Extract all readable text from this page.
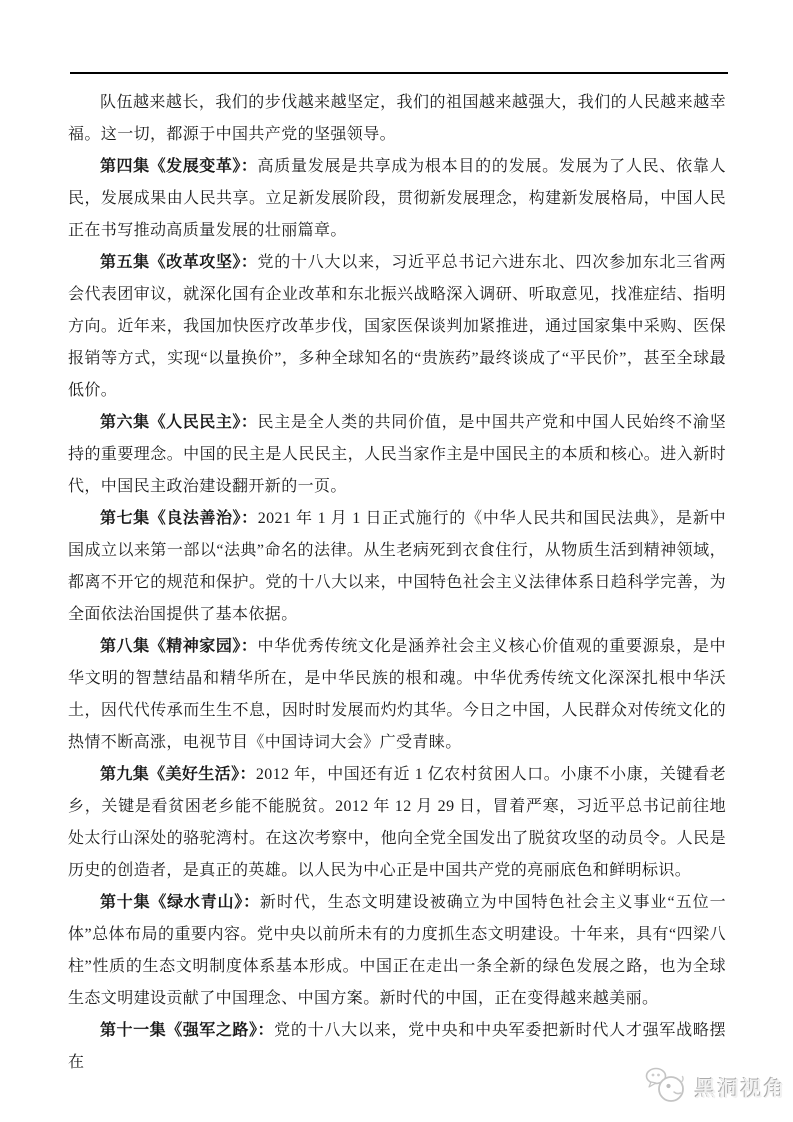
队伍越来越长，我们的步伐越来越坚定，我们的祖国越来越强大，我们的人民越来越幸福。这一切，都源于中国共产党的坚强领导。

第四集《发展变革》：高质量发展是共享成为根本目的的发展。发展为了人民、依靠人民，发展成果由人民共享。立足新发展阶段，贯彻新发展理念，构建新发展格局，中国人民正在书写推动高质量发展的壮丽篇章。

第五集《改革攻坚》：党的十八大以来，习近平总书记六进东北、四次参加东北三省两会代表团审议，就深化国有企业改革和东北振兴战略深入调研、听取意见，找准症结、指明方向。近年来，我国加快医疗改革步伐，国家医保谈判加紧推进，通过国家集中采购、医保报销等方式，实现“以量换价”，多种全球知名的“贵族药”最终谈成了“平民价”，甚至全球最低价。

第六集《人民民主》：民主是全人类的共同价值，是中国共产党和中国人民始终不渝坚持的重要理念。中国的民主是人民民主，人民当家作主是中国民主的本质和核心。进入新时代，中国民主政治建设翻开新的一页。

第七集《良法善治》：2021 年 1 月 1 日正式施行的《中华人民共和国民法典》，是新中国成立以来第一部以“法典”命名的法律。从生老病死到衣食住行，从物质生活到精神领域，都离不开它的规范和保护。党的十八大以来，中国特色社会主义法律体系日趋科学完善，为全面依法治国提供了基本依据。

第八集《精神家园》：中华优秀传统文化是涵养社会主义核心价值观的重要源泉，是中华文明的智慧结晶和精华所在，是中华民族的根和魂。中华优秀传统文化深深扎根中华沃土，因代代传承而生生不息，因时时发展而灼灼其华。今日之中国，人民群众对传统文化的热情不断高涨，电视节目《中国诗词大会》广受青睐。

第九集《美好生活》：2012 年，中国还有近 1 亿农村贫困人口。小康不小康，关键看老乡，关键是看贫困老乡能不能脱贫。2012 年 12 月 29 日，冒着严寒，习近平总书记前往地处太行山深处的骆驼湾村。在这次考察中，他向全党全国发出了脱贫攻坚的动员令。人民是历史的创造者，是真正的英雄。以人民为中心正是中国共产党的亮丽底色和鲜明标识。

第十集《绿水青山》：新时代，生态文明建设被确立为中国特色社会主义事业“五位一体”总体布局的重要内容。党中央以前所未有的力度抓生态文明建设。十年来，具有“四梁八柱”性质的生态文明制度体系基本形成。中国正在走出一条全新的绿色发展之路，也为全球生态文明建设贡献了中国理念、中国方案。新时代的中国，正在变得越来越美丽。

第十一集《强军之路》：党的十八大以来，党中央和中央军委把新时代人才强军战略摆在

黑洞视角
